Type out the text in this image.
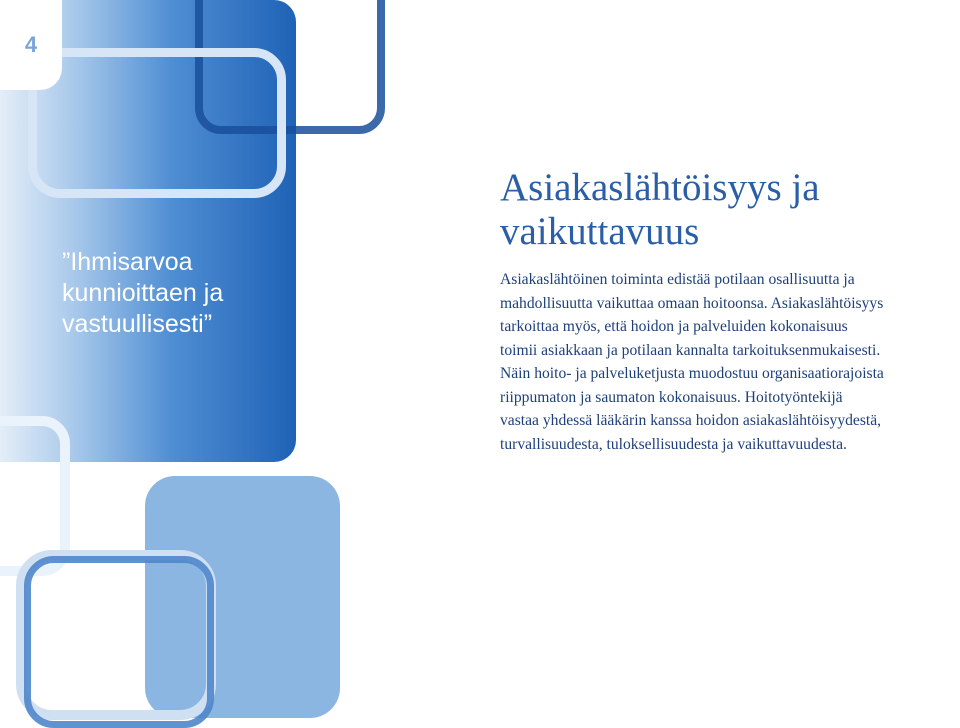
4
”Ihmisarvoa kunnioittaen ja vastuullisesti”
Asiakaslähtöisyys ja vaikuttavuus

Asiakaslähtöinen toiminta edistää potilaan osallisuutta ja
mahdollisuutta vaikuttaa omaan hoitoonsa. Asiakaslähtöisyys
tarkoittaa myös, että hoidon ja palveluiden kokonaisuus
toimii asiakkaan ja potilaan kannalta tarkoituksenmukaisesti.
Näin hoito- ja palveluketjusta muodostuu organisaatiorajoista
riippumaton ja saumaton kokonaisuus. Hoitotyöntekijä
vastaa yhdessä lääkärin kanssa hoidon asiakaslähtöisyydestä,
turvallisuudesta, tuloksellisuudesta ja vaikuttavuudesta.
